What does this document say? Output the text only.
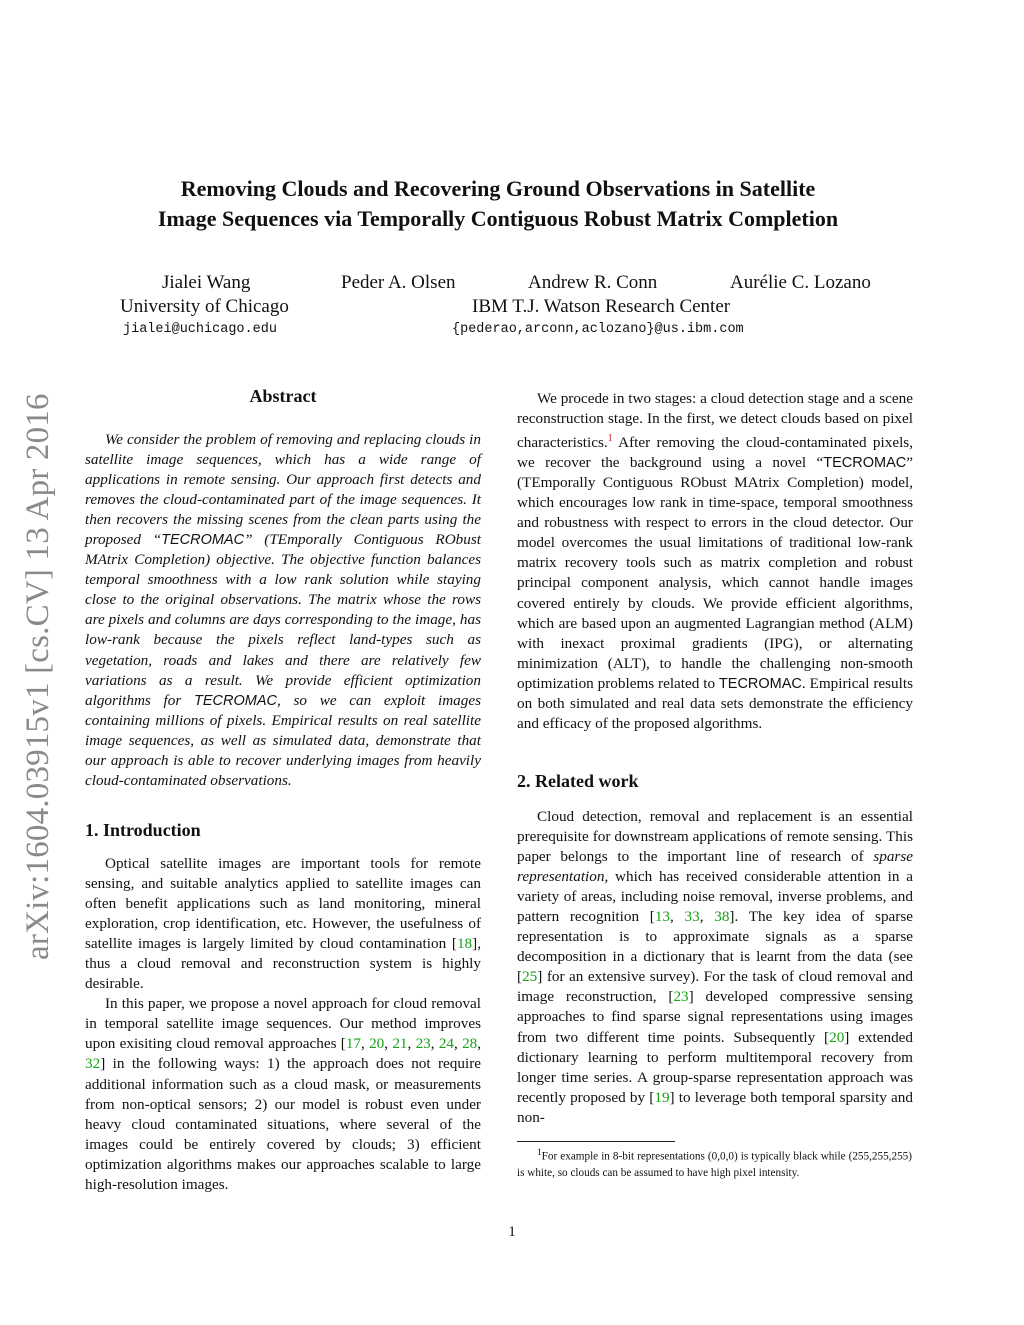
arXiv:1604.03915v1 [cs.CV] 13 Apr 2016
Removing Clouds and Recovering Ground Observations in Satellite
Image Sequences via Temporally Contiguous Robust Matrix Completion
Jialei Wang	Peder A. Olsen	Andrew R. Conn	Aurélie C. Lozano
University of Chicago	IBM T.J. Watson Research Center
jialei@uchicago.edu	{pederao,arconn,aclozano}@us.ibm.com
Abstract

We consider the problem of removing and replacing clouds in satellite image sequences, which has a wide range of applications in remote sensing. Our approach first detects and removes the cloud-contaminated part of the image sequences. It then recovers the missing scenes from the clean parts using the proposed “TECROMAC” (TEmporally Contiguous RObust MAtrix Completion) objective. The objective function balances temporal smoothness with a low rank solution while staying close to the original observations. The matrix whose the rows are pixels and columns are days corresponding to the image, has low-rank because the pixels reflect land-types such as vegetation, roads and lakes and there are relatively few variations as a result. We provide efficient optimization algorithms for TECROMAC, so we can exploit images containing millions of pixels. Empirical results on real satellite image sequences, as well as simulated data, demonstrate that our approach is able to recover underlying images from heavily cloud-contaminated observations.

1. Introduction

Optical satellite images are important tools for remote sensing, and suitable analytics applied to satellite images can often benefit applications such as land monitoring, mineral exploration, crop identification, etc. However, the usefulness of satellite images is largely limited by cloud contamination [18], thus a cloud removal and reconstruction system is highly desirable.

In this paper, we propose a novel approach for cloud removal in temporal satellite image sequences. Our method improves upon exisiting cloud removal approaches [17, 20, 21, 23, 24, 28, 32] in the following ways: 1) the approach does not require additional information such as a cloud mask, or measurements from non-optical sensors; 2) our model is robust even under heavy cloud contaminated situations, where several of the images could be entirely covered by clouds; 3) efficient optimization algorithms makes our approaches scalable to large high-resolution images.

We procede in two stages: a cloud detection stage and a scene reconstruction stage. In the first, we detect clouds based on pixel characteristics.$^1$ After removing the cloud-contaminated pixels, we recover the background using a novel “TECROMAC” (TEmporally Contiguous RObust MAtrix Completion) model, which encourages low rank in time-space, temporal smoothness and robustness with respect to errors in the cloud detector. Our model overcomes the usual limitations of traditional low-rank matrix recovery tools such as matrix completion and robust principal component analysis, which cannot handle images covered entirely by clouds. We provide efficient algorithms, which are based upon an augmented Lagrangian method (ALM) with inexact proximal gradients (IPG), or alternating minimization (ALT), to handle the challenging non-smooth optimization problems related to TECROMAC. Empirical results on both simulated and real data sets demonstrate the efficiency and efficacy of the proposed algorithms.

2. Related work

Cloud detection, removal and replacement is an essential prerequisite for downstream applications of remote sensing. This paper belongs to the important line of research of sparse representation, which has received considerable attention in a variety of areas, including noise removal, inverse problems, and pattern recognition [13, 33, 38]. The key idea of sparse representation is to approximate signals as a sparse decomposition in a dictionary that is learnt from the data (see [25] for an extensive survey). For the task of cloud removal and image reconstruction, [23] developed compressive sensing approaches to find sparse signal representations using images from two different time points. Subsequently [20] extended dictionary learning to perform multitemporal recovery from longer time series. A group-sparse representation approach was recently proposed by [19] to leverage both temporal sparsity and non-

$^1$For example in 8-bit representations (0,0,0) is typically black while (255,255,255) is white, so clouds can be assumed to have high pixel intensity.
1
